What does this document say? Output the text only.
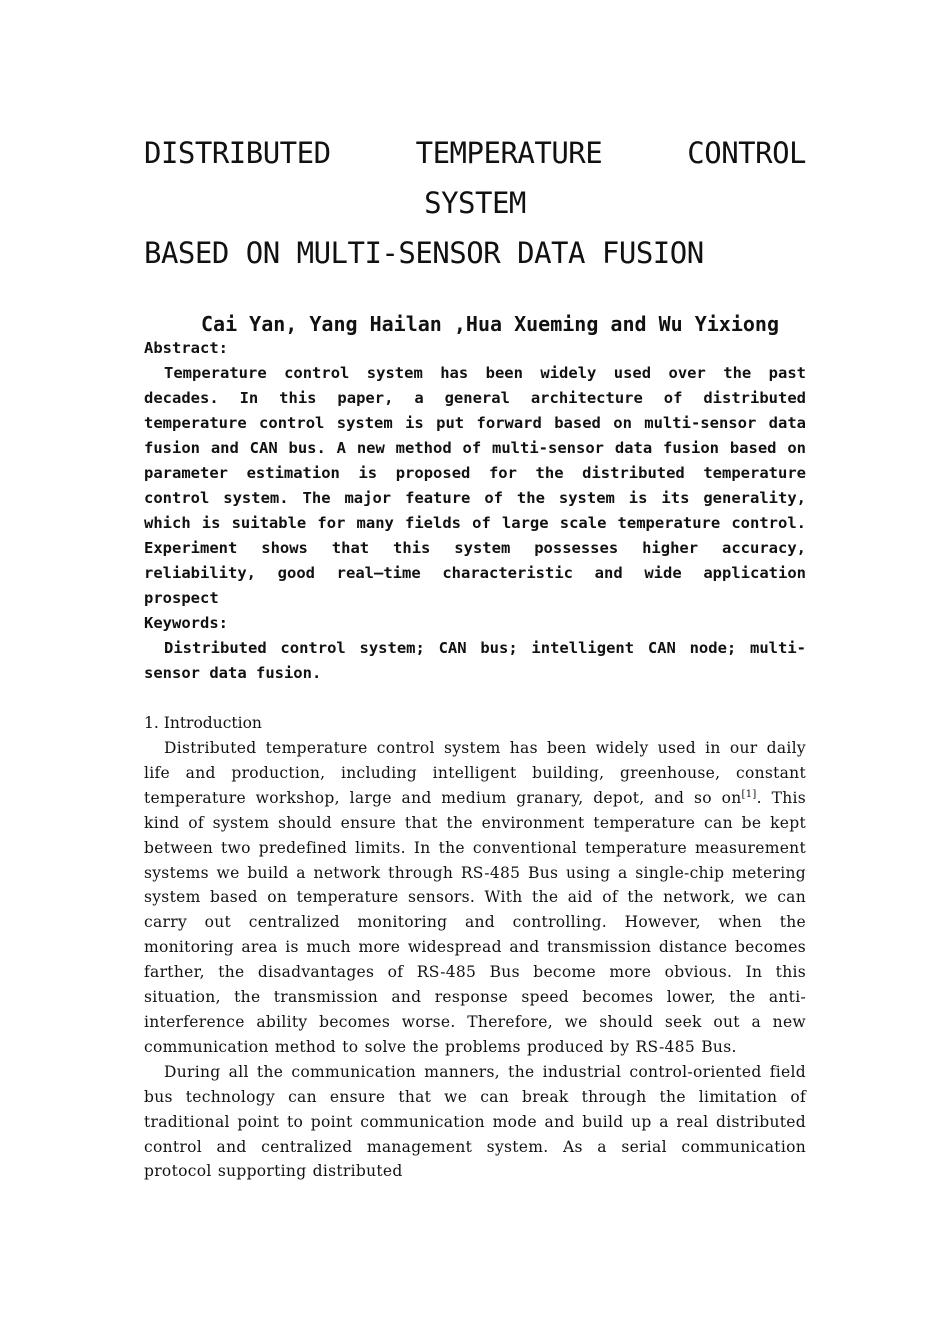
DISTRIBUTED	TEMPERATURE	CONTROL
SYSTEM
BASED ON MULTI-SENSOR DATA FUSION
Cai Yan, Yang Hailan ,Hua Xueming and Wu Yixiong

Abstract:

Temperature control system has been widely used over the past decades. In this paper, a general architecture of distributed temperature control system is put forward based on multi-sensor data fusion and CAN bus. A new method of multi-sensor data fusion based on parameter estimation is proposed for the distributed temperature control system. The major feature of the system is its generality, which is suitable for many fields of large scale temperature control. Experiment shows that this system possesses higher accuracy, reliability, good real—time characteristic and wide application prospect

Keywords:

Distributed control system; CAN bus; intelligent CAN node; multi-sensor data fusion.

1. Introduction

Distributed temperature control system has been widely used in our daily life and production, including intelligent building, greenhouse, constant temperature workshop, large and medium granary, depot, and so on[1]. This kind of system should ensure that the environment temperature can be kept between two predefined limits. In the conventional temperature measurement systems we build a network through RS-485 Bus using a single-chip metering system based on temperature sensors. With the aid of the network, we can carry out centralized monitoring and controlling. However, when the monitoring area is much more widespread and transmission distance becomes farther, the disadvantages of RS-485 Bus become more obvious. In this situation, the transmission and response speed becomes lower, the anti-interference ability becomes worse. Therefore, we should seek out a new communication method to solve the problems produced by RS-485 Bus.

During all the communication manners, the industrial control-oriented field bus technology can ensure that we can break through the limitation of traditional point to point communication mode and build up a real distributed control and centralized management system. As a serial communication protocol supporting distributed
